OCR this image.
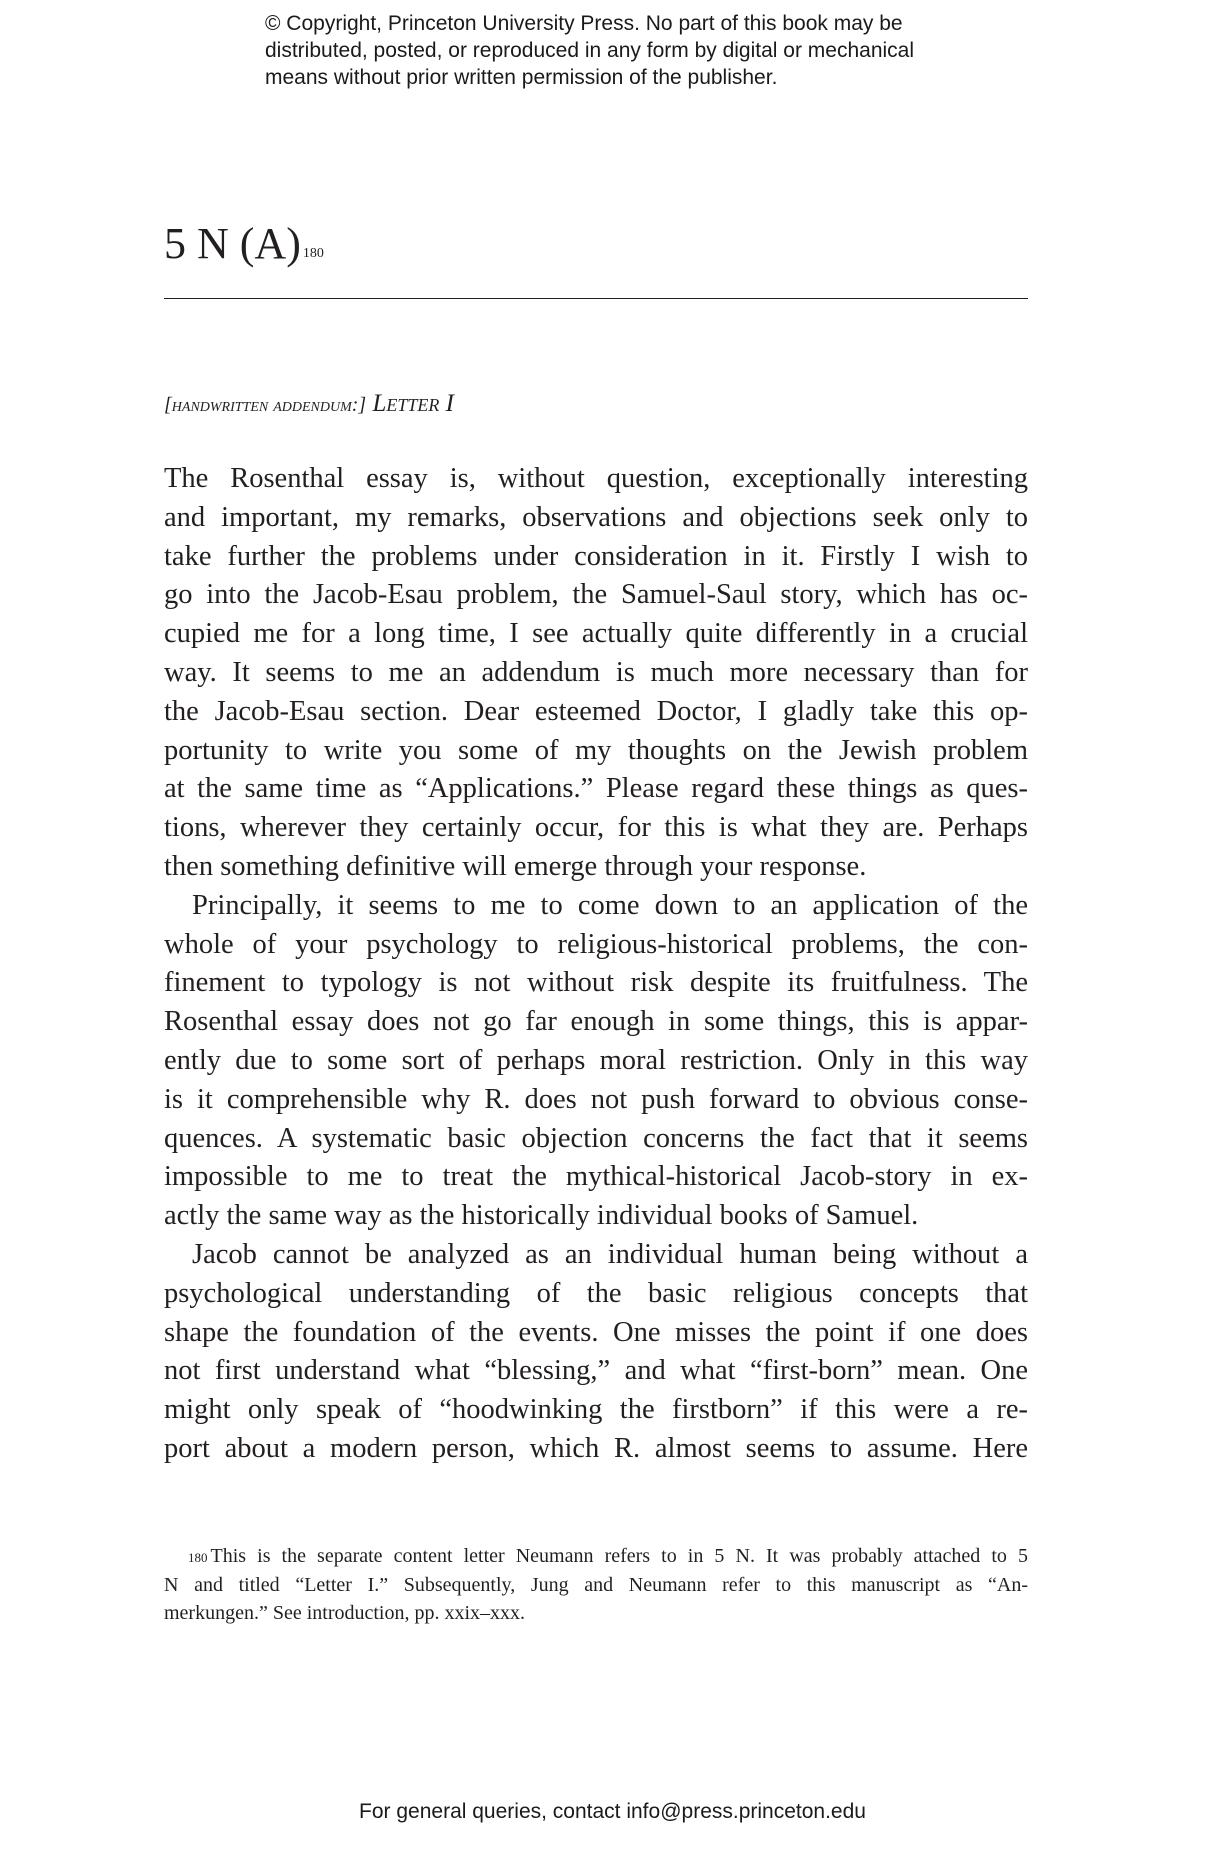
© Copyright, Princeton University Press. No part of this book may be
distributed, posted, or reproduced in any form by digital or mechanical
means without prior written permission of the publisher.
5 N (A) $^{180}$
[handwritten addendum:] Letter I
The Rosenthal essay is, without question, exceptionally interesting
and important, my remarks, observations and objections seek only to
take further the problems under consideration in it. Firstly I wish to
go into the Jacob-Esau problem, the Samuel-Saul story, which has oc-
cupied me for a long time, I see actually quite differently in a crucial
way. It seems to me an addendum is much more necessary than for
the Jacob-Esau section. Dear esteemed Doctor, I gladly take this op-
portunity to write you some of my thoughts on the Jewish problem
at the same time as “Applications.” Please regard these things as ques-
tions, wherever they certainly occur, for this is what they are. Perhaps
then something definitive will emerge through your response.
Principally, it seems to me to come down to an application of the
whole of your psychology to religious-historical problems, the con-
finement to typology is not without risk despite its fruitfulness. The
Rosenthal essay does not go far enough in some things, this is appar-
ently due to some sort of perhaps moral restriction. Only in this way
is it comprehensible why R. does not push forward to obvious conse-
quences. A systematic basic objection concerns the fact that it seems
impossible to me to treat the mythical-historical Jacob-story in ex-
actly the same way as the historically individual books of Samuel.
Jacob cannot be analyzed as an individual human being without a
psychological understanding of the basic religious concepts that
shape the foundation of the events. One misses the point if one does
not first understand what “blessing,” and what “first-born” mean. One
might only speak of “hoodwinking the firstborn” if this were a re-
port about a modern person, which R. almost seems to assume. Here
$^{180}$ This is the separate content letter Neumann refers to in 5 N. It was probably attached to 5
N and titled “Letter I.” Subsequently, Jung and Neumann refer to this manuscript as “An-
merkungen.” See introduction, pp. xxix–xxx.
For general queries, contact info@press.princeton.edu
